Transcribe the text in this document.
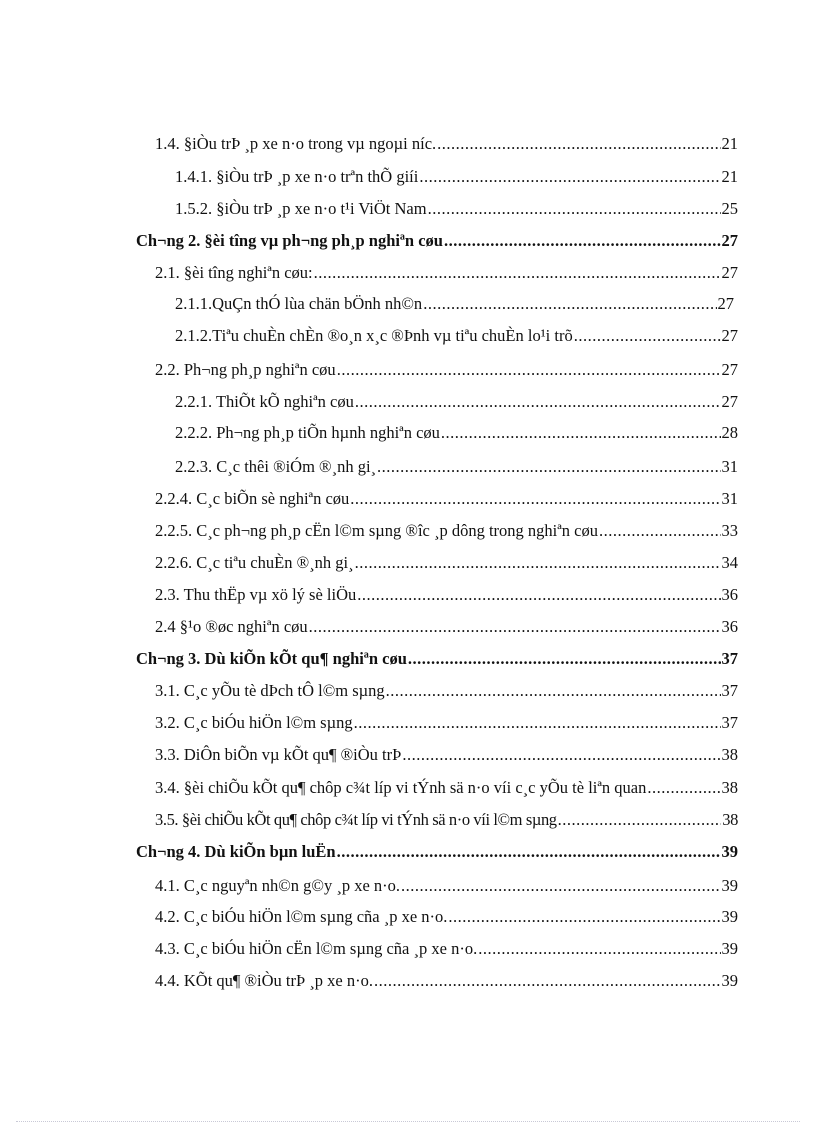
1.4. §iÒu trÞ ¸p xe n·o trong vµ ngoµi níc. .....	21
1.4.1. §iÒu trÞ ¸p xe n·o trªn thÕ giíi .....	21
1.5.2. §iÒu trÞ ¸p xe n·o t¹i ViÖt Nam .....	25
Ch¬ng 2. §èi tîng vµ ph¬ng ph¸p nghiªn cøu .....	27
2.1. §èi tîng nghiªn cøu: .....	27
2.1.1.QuÇn thÓ lùa chän bÖnh nh©n .....	27
2.1.2.Tiªu chuÈn chÈn ®o¸n x¸c ®Þnh vµ tiªu chuÈn lo¹i trõ .....	27
2.2. Ph¬ng ph¸p nghiªn cøu .....	27
2.2.1. ThiÕt kÕ nghiªn cøu .....	27
2.2.2. Ph¬ng ph¸p tiÕn hµnh nghiªn cøu .....	28
2.2.3. C¸c thêi ®iÓm ®¸nh gi¸ .....	31
2.2.4. C¸c biÕn sè nghiªn cøu .....	31
2.2.5. C¸c ph¬ng ph¸p cËn l©m sµng ®îc ¸p dông trong nghiªn cøu .....	33
2.2.6. C¸c tiªu chuÈn ®¸nh gi¸ .....	34
2.3. Thu thËp vµ xö lý sè liÖu .....	36
2.4 §¹o ®øc nghiªn cøu .....	36
Ch¬ng 3. Dù kiÕn kÕt qu¶ nghiªn cøu .....	37
3.1. C¸c yÕu tè dÞch tÔ l©m sµng .....	37
3.2. C¸c biÓu hiÖn l©m sµng .....	37
3.3. DiÔn biÕn vµ kÕt qu¶ ®iÒu trÞ .....	38
3.4. §èi chiÕu kÕt qu¶ chôp c¾t líp vi tÝnh sä n·o víi c¸c yÕu tè liªn quan .....	38
3.5. §èi chiÕu kÕt qu¶ chôp c¾t líp vi tÝnh sä n·o víi l©m sµng .....	38
Ch¬ng 4. Dù kiÕn bµn luËn .....	39
4.1. C¸c nguyªn nh©n g©y ¸p xe n·o. .....	39
4.2. C¸c biÓu hiÖn l©m sµng cña ¸p xe n·o. .....	39
4.3. C¸c biÓu hiÖn cËn l©m sµng cña ¸p xe n·o. .....	39
4.4. KÕt qu¶ ®iÒu trÞ ¸p xe n·o. .....	39
